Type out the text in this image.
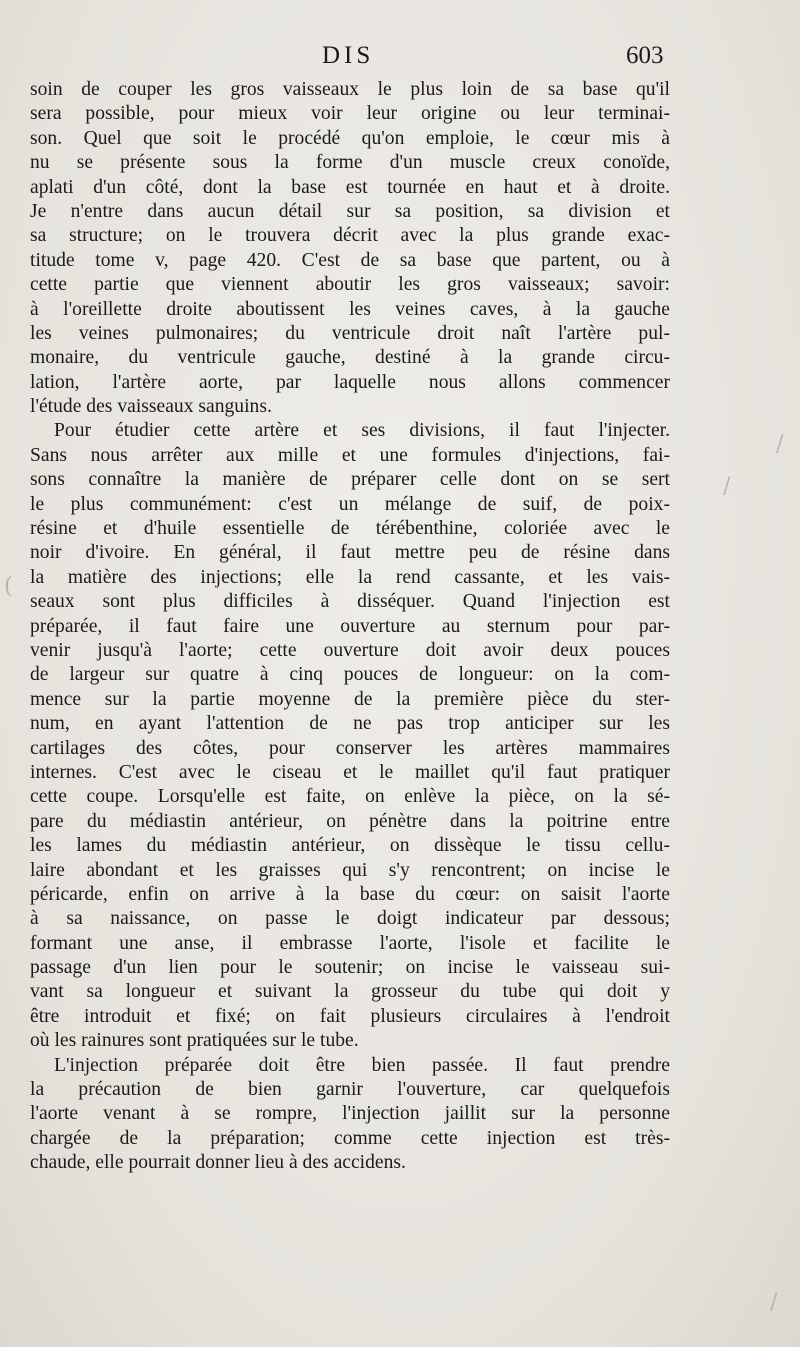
DIS	603
soin de couper les gros vaisseaux le plus loin de sa base qu'il
sera possible, pour mieux voir leur origine ou leur terminai-
son. Quel que soit le procédé qu'on emploie, le cœur mis à
nu se présente sous la forme d'un muscle creux conoïde,
aplati d'un côté, dont la base est tournée en haut et à droite.
Je n'entre dans aucun détail sur sa position, sa division et
sa structure; on le trouvera décrit avec la plus grande exac-
titude tome v, page 420. C'est de sa base que partent, ou à
cette partie que viennent aboutir les gros vaisseaux; savoir:
à l'oreillette droite aboutissent les veines caves, à la gauche
les veines pulmonaires; du ventricule droit naît l'artère pul-
monaire, du ventricule gauche, destiné à la grande circu-
lation, l'artère aorte, par laquelle nous allons commencer
l'étude des vaisseaux sanguins.
Pour étudier cette artère et ses divisions, il faut l'injecter.
Sans nous arrêter aux mille et une formules d'injections, fai-
sons connaître la manière de préparer celle dont on se sert
le plus communément: c'est un mélange de suif, de poix-
résine et d'huile essentielle de térébenthine, coloriée avec le
noir d'ivoire. En général, il faut mettre peu de résine dans
la matière des injections; elle la rend cassante, et les vais-
seaux sont plus difficiles à disséquer. Quand l'injection est
préparée, il faut faire une ouverture au sternum pour par-
venir jusqu'à l'aorte; cette ouverture doit avoir deux pouces
de largeur sur quatre à cinq pouces de longueur: on la com-
mence sur la partie moyenne de la première pièce du ster-
num, en ayant l'attention de ne pas trop anticiper sur les
cartilages des côtes, pour conserver les artères mammaires
internes. C'est avec le ciseau et le maillet qu'il faut pratiquer
cette coupe. Lorsqu'elle est faite, on enlève la pièce, on la sé-
pare du médiastin antérieur, on pénètre dans la poitrine entre
les lames du médiastin antérieur, on dissèque le tissu cellu-
laire abondant et les graisses qui s'y rencontrent; on incise le
péricarde, enfin on arrive à la base du cœur: on saisit l'aorte
à sa naissance, on passe le doigt indicateur par dessous;
formant une anse, il embrasse l'aorte, l'isole et facilite le
passage d'un lien pour le soutenir; on incise le vaisseau sui-
vant sa longueur et suivant la grosseur du tube qui doit y
être introduit et fixé; on fait plusieurs circulaires à l'endroit
où les rainures sont pratiquées sur le tube.
L'injection préparée doit être bien passée. Il faut prendre
la précaution de bien garnir l'ouverture, car quelquefois
l'aorte venant à se rompre, l'injection jaillit sur la personne
chargée de la préparation; comme cette injection est très-
chaude, elle pourrait donner lieu à des accidens.
/
/
(
/
